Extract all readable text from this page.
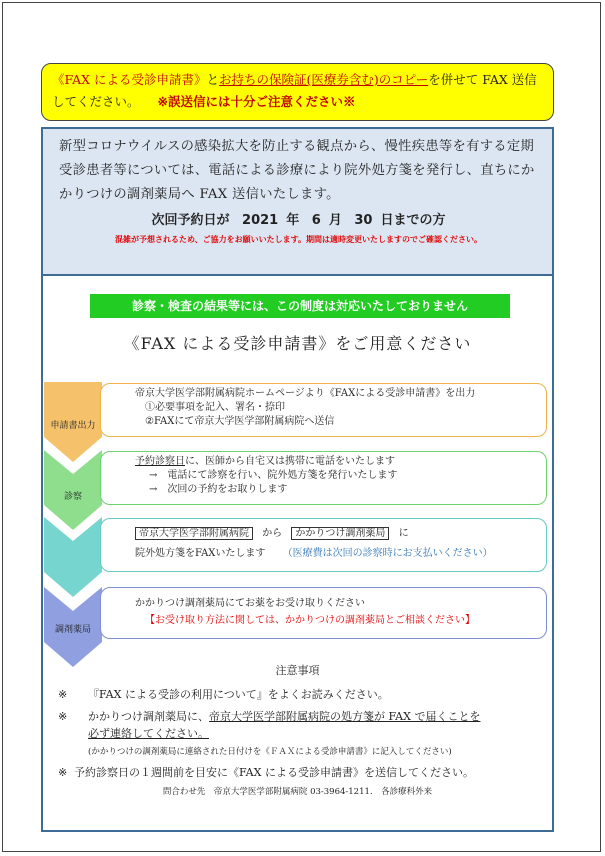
《FAX による受診申請書》とお持ちの保険証(医療券含む)のコピーを併せて FAX 送信してください。 ※誤送信には十分ご注意ください※
新型コロナウイルスの感染拡大を防止する観点から、慢性疾患等を有する定期受診患者等については、電話による診療により院外処方箋を発行し、直ちにかかりつけの調剤薬局へ FAX 送信いたします。
次回予約日が 2021 年 6 月 30 日までの方
混雑が予想されるため、ご協力をお願いいたします。期間は適時変更いたしますのでご確認ください。
診察・検査の結果等には、この制度は対応いたしておりません
《FAX による受診申請書》をご用意ください
申請書出力
診察
調剤薬局
帝京大学医学部附属病院ホームページより《FAXによる受診申請書》を出力
①必要事項を記入、署名・捺印
②FAXにて帝京大学医学部附属病院へ送信
予約診察日に、医師から自宅又は携帯に電話をいたします
→　 電話にて診察を行い、院外処方箋を発行いたします
→　 次回の予約をお取りします
帝京大学医学部附属病院 から かかりつけ調剤薬局 に
院外処方箋をFAXいたします （医療費は次回の診察時にお支払いください）
かかりつけ調剤薬局にてお薬をお受け取りください
【お受け取り方法に関しては、かかりつけの調剤薬局とご相談ください】
注意事項
※ 『FAX による受診の利用について』をよくお読みください。
※ かかりつけ調剤薬局に、帝京大学医学部附属病院の処方箋が FAX で届くことを
必ず連絡してください。
(かかりつけの調剤薬局に連絡された日付けを《ＦＡＸによる受診申請書》に記入してください)
※ 予約診察日の１週間前を目安に《FAX による受診申請書》を送信してください。
問合わせ先　帝京大学医学部附属病院 03-3964-1211.　各診療科外来
